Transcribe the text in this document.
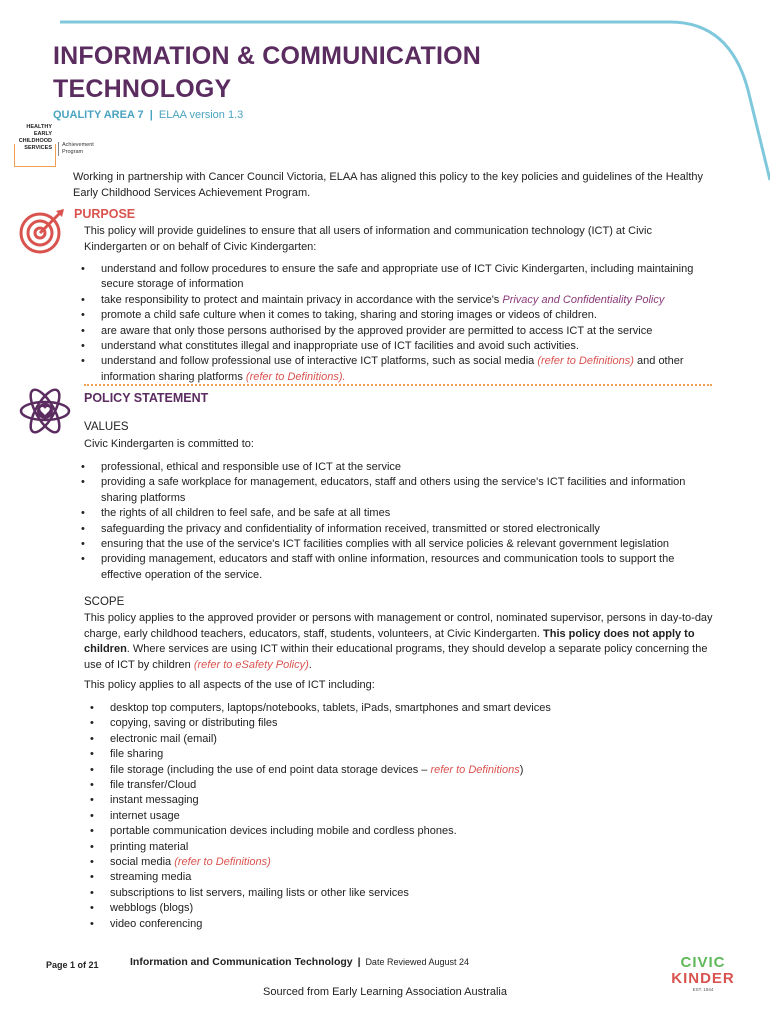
INFORMATION & COMMUNICATION
TECHNOLOGY
QUALITY AREA 7 | ELAA version 1.3
HEALTHY
EARLY
CHILDHOOD
SERVICES Achievement
Program
Working in partnership with Cancer Council Victoria, ELAA has aligned this policy to the key policies and guidelines of the Healthy Early Childhood Services Achievement Program.
PURPOSE
This policy will provide guidelines to ensure that all users of information and communication technology (ICT) at Civic Kindergarten or on behalf of Civic Kindergarten:
• understand and follow procedures to ensure the safe and appropriate use of ICT Civic Kindergarten, including maintaining secure storage of information
• take responsibility to protect and maintain privacy in accordance with the service's Privacy and Confidentiality Policy
• promote a child safe culture when it comes to taking, sharing and storing images or videos of children.
• are aware that only those persons authorised by the approved provider are permitted to access ICT at the service
• understand what constitutes illegal and inappropriate use of ICT facilities and avoid such activities.
• understand and follow professional use of interactive ICT platforms, such as social media (refer to Definitions) and other information sharing platforms (refer to Definitions).
POLICY STATEMENT
VALUES
Civic Kindergarten is committed to:
• professional, ethical and responsible use of ICT at the service
• providing a safe workplace for management, educators, staff and others using the service's ICT facilities and information sharing platforms
• the rights of all children to feel safe, and be safe at all times
• safeguarding the privacy and confidentiality of information received, transmitted or stored electronically
• ensuring that the use of the service's ICT facilities complies with all service policies & relevant government legislation
• providing management, educators and staff with online information, resources and communication tools to support the effective operation of the service.
SCOPE
This policy applies to the approved provider or persons with management or control, nominated supervisor, persons in day-to-day charge, early childhood teachers, educators, staff, students, volunteers, at Civic Kindergarten. This policy does not apply to children. Where services are using ICT within their educational programs, they should develop a separate policy concerning the use of ICT by children (refer to eSafety Policy).
This policy applies to all aspects of the use of ICT including:
• desktop top computers, laptops/notebooks, tablets, iPads, smartphones and smart devices
• copying, saving or distributing files
• electronic mail (email)
• file sharing
• file storage (including the use of end point data storage devices – refer to Definitions)
• file transfer/Cloud
• instant messaging
• internet usage
• portable communication devices including mobile and cordless phones.
• printing material
• social media (refer to Definitions)
• streaming media
• subscriptions to list servers, mailing lists or other like services
• webblogs (blogs)
• video conferencing
Page 1 of 21	Information and Communication Technology | Date Reviewed August 24
Sourced from Early Learning Association Australia
CIVIC
KINDER
EST. 1944
